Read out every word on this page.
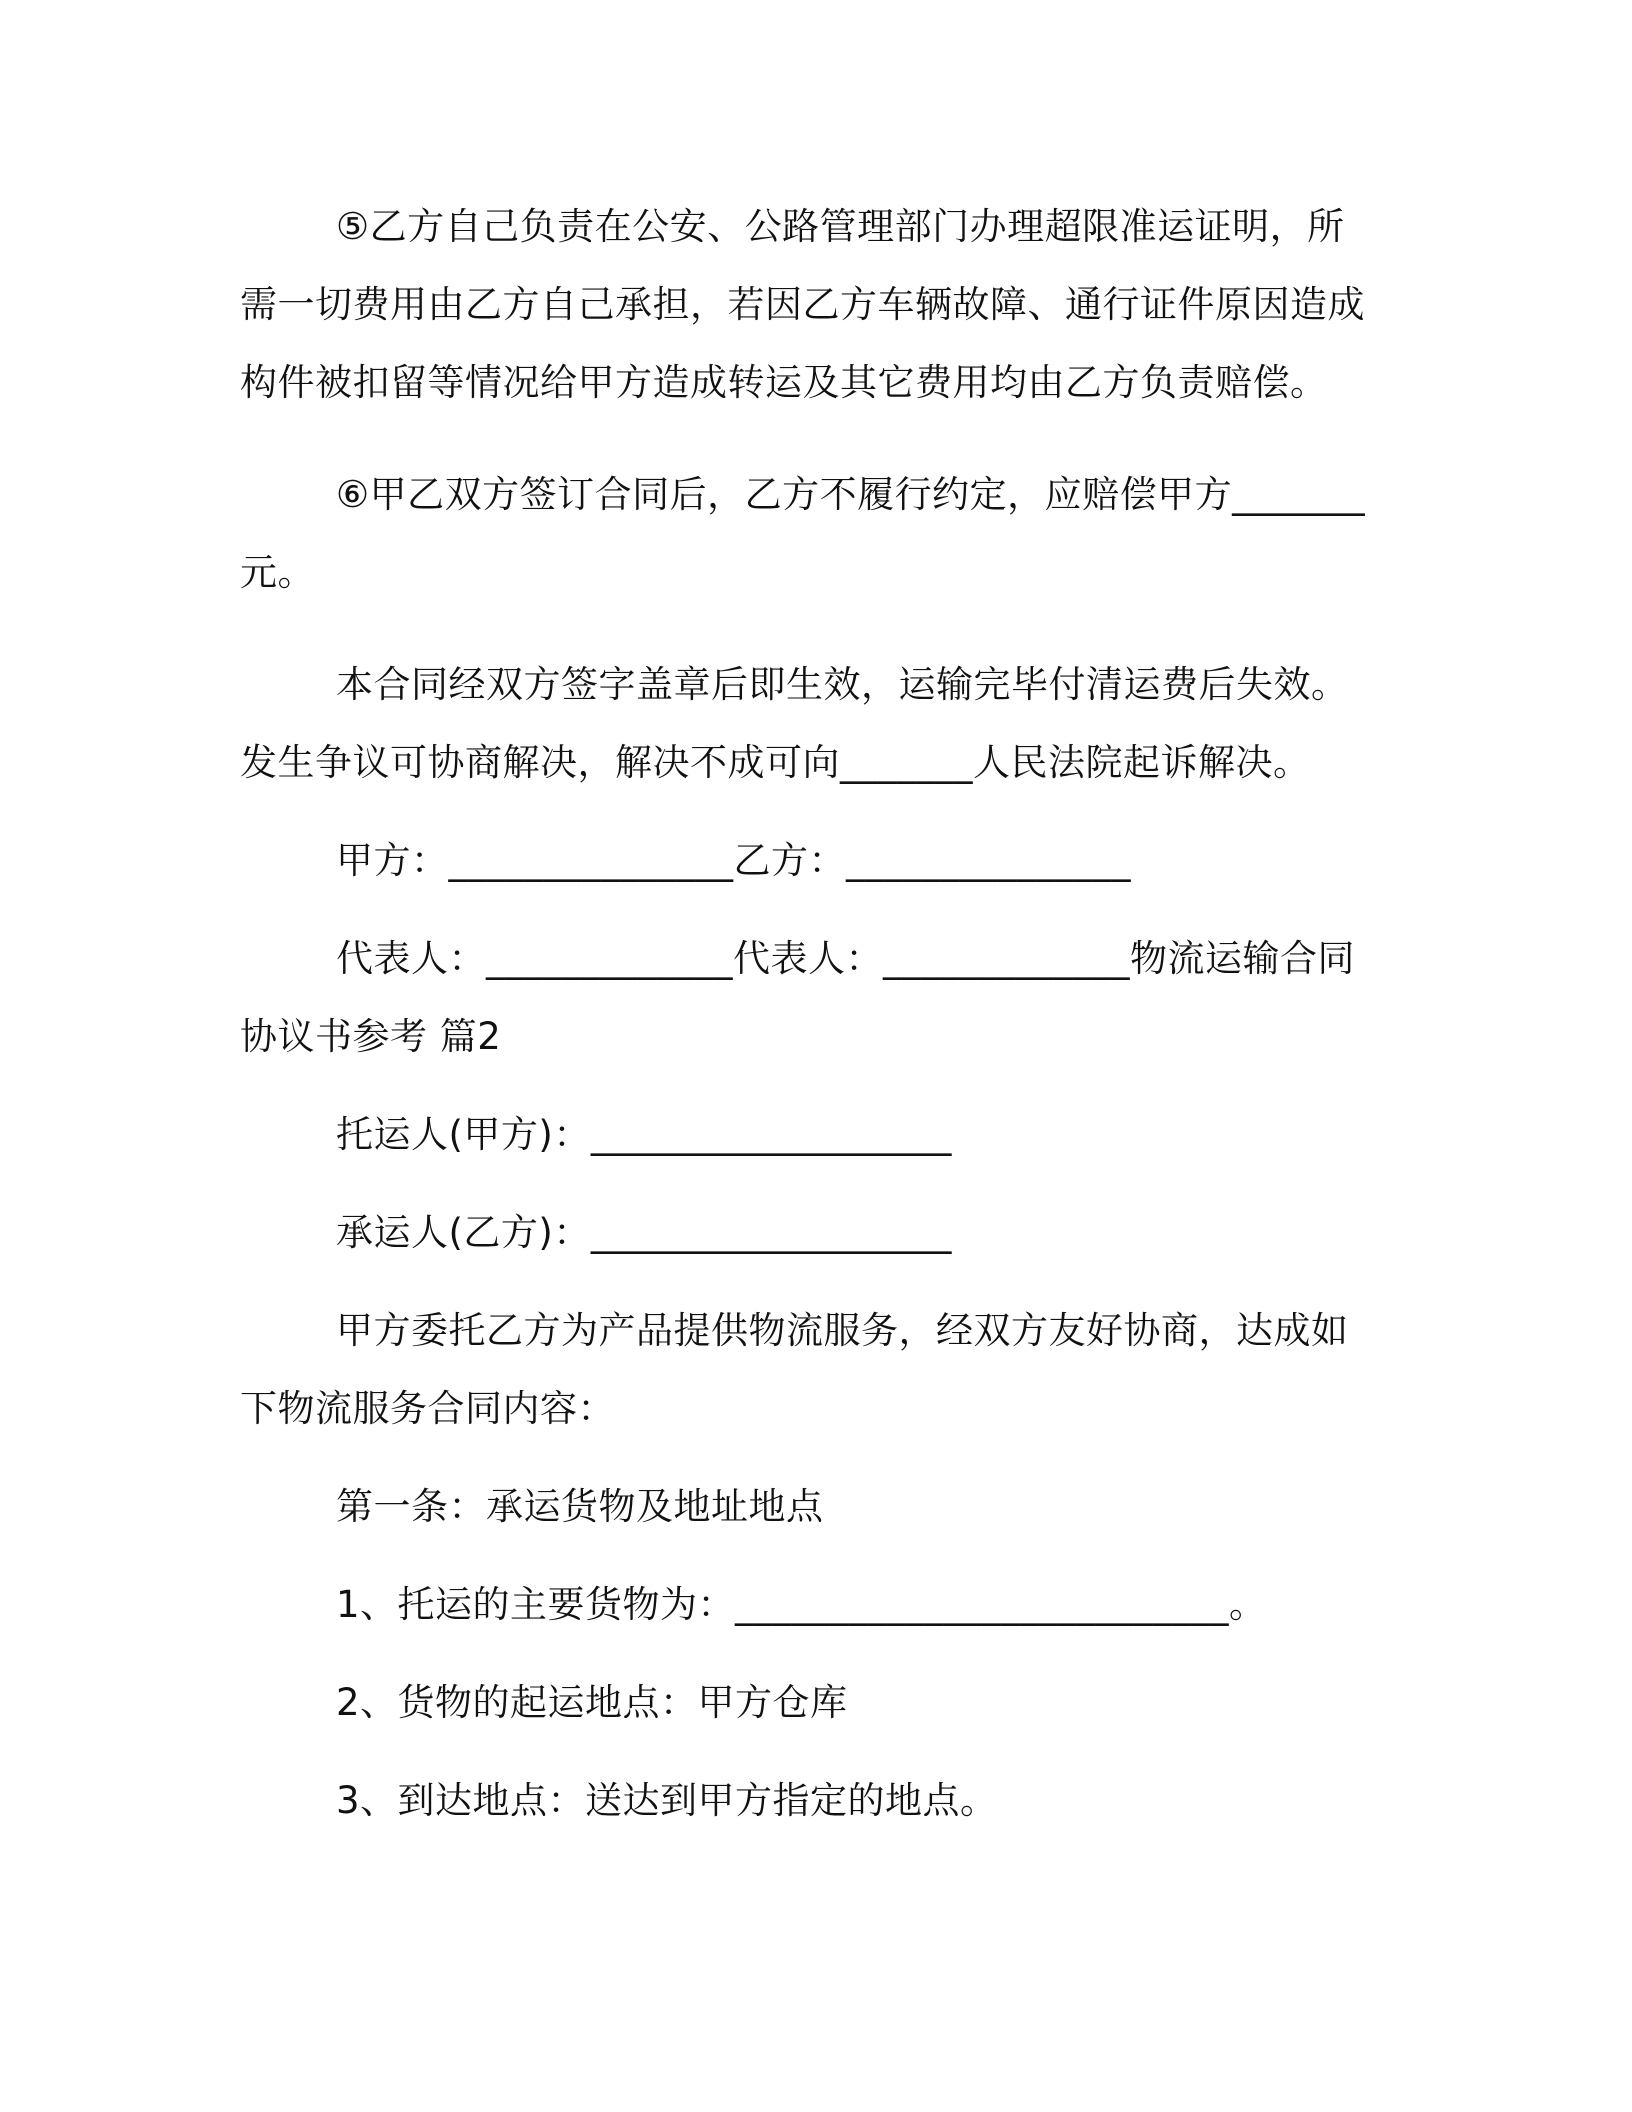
⑤乙方自己负责在公安、公路管理部门办理超限准运证明，所需一切费用由乙方自己承担，若因乙方车辆故障、通行证件原因造成构件被扣留等情况给甲方造成转运及其它费用均由乙方负责赔偿。

⑥甲乙双方签订合同后，乙方不履行约定，应赔偿甲方_______元。

本合同经双方签字盖章后即生效，运输完毕付清运费后失效。发生争议可协商解决，解决不成可向_______人民法院起诉解决。

甲方：_______________乙方：_______________

代表人：_____________代表人：_____________物流运输合同协议书参考 篇2

托运人(甲方)：___________________

承运人(乙方)：___________________

甲方委托乙方为产品提供物流服务，经双方友好协商，达成如下物流服务合同内容：

第一条：承运货物及地址地点

1、托运的主要货物为：__________________________。

2、货物的起运地点：甲方仓库

3、到达地点：送达到甲方指定的地点。
